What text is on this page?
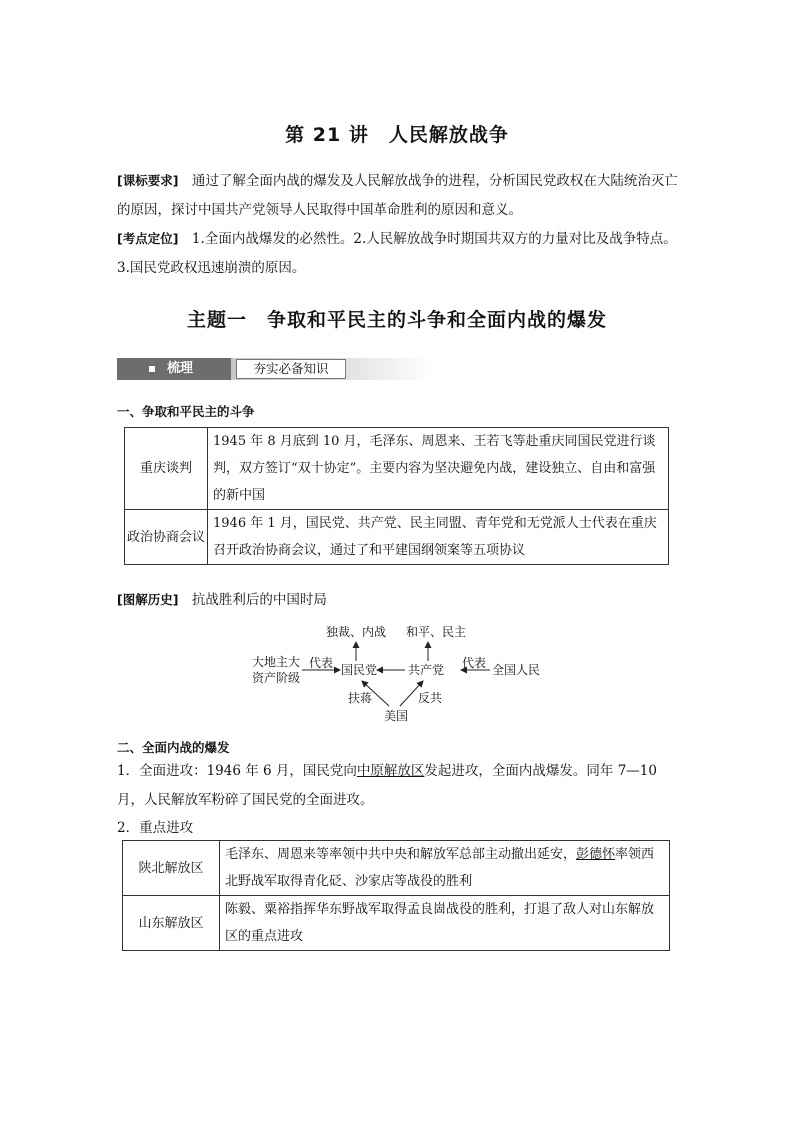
第 21 讲　人民解放战争
[课标要求]　通过了解全面内战的爆发及人民解放战争的进程，分析国民党政权在大陆统治灭亡的原因，探讨中国共产党领导人民取得中国革命胜利的原因和意义。
[考点定位]　1.全面内战爆发的必然性。2.人民解放战争时期国共双方的力量对比及战争特点。3.国民党政权迅速崩溃的原因。
主题一　争取和平民主的斗争和全面内战的爆发
梳理	夯实必备知识
一、争取和平民主的斗争
重庆谈判	1945 年 8 月底到 10 月，毛泽东、周恩来、王若飞等赴重庆同国民党进行谈判，双方签订“双十协定”。主要内容为坚决避免内战，建设独立、自由和富强的新中国
政治协商会议	1946 年 1 月，国民党、共产党、民主同盟、青年党和无党派人士代表在重庆召开政治协商会议，通过了和平建国纲领案等五项协议
[图解历史]　抗战胜利后的中国时局
独裁、内战 和平、民主
大地主大
资产阶级
代表 国民党	共产党 代表 全国人民
扶蒋	反共
美国
二、全面内战的爆发
1．全面进攻：1946 年 6 月，国民党向中原解放区发起进攻，全面内战爆发。同年 7—10 月，人民解放军粉碎了国民党的全面进攻。
2．重点进攻
陕北解放区	毛泽东、周恩来等率领中共中央和解放军总部主动撤出延安，彭德怀率领西北野战军取得青化砭、沙家店等战役的胜利
山东解放区	陈毅、粟裕指挥华东野战军取得孟良崮战役的胜利，打退了敌人对山东解放区的重点进攻
